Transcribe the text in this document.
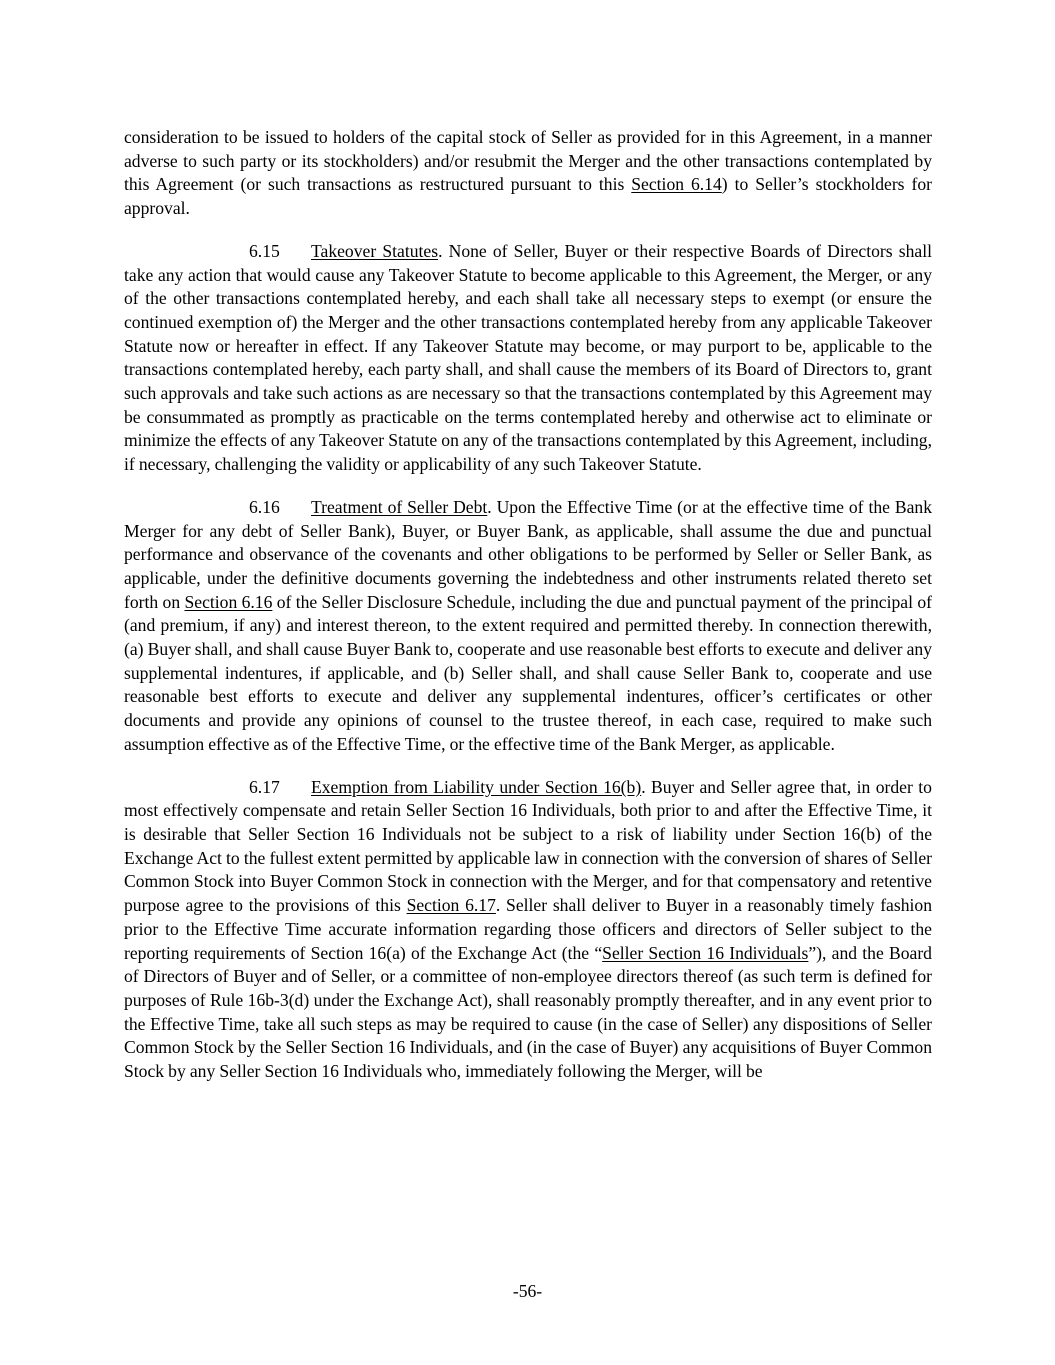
consideration to be issued to holders of the capital stock of Seller as provided for in this Agreement, in a manner adverse to such party or its stockholders) and/or resubmit the Merger and the other transactions contemplated by this Agreement (or such transactions as restructured pursuant to this Section 6.14) to Seller’s stockholders for approval.

6.15 Takeover Statutes. None of Seller, Buyer or their respective Boards of Directors shall take any action that would cause any Takeover Statute to become applicable to this Agreement, the Merger, or any of the other transactions contemplated hereby, and each shall take all necessary steps to exempt (or ensure the continued exemption of) the Merger and the other transactions contemplated hereby from any applicable Takeover Statute now or hereafter in effect. If any Takeover Statute may become, or may purport to be, applicable to the transactions contemplated hereby, each party shall, and shall cause the members of its Board of Directors to, grant such approvals and take such actions as are necessary so that the transactions contemplated by this Agreement may be consummated as promptly as practicable on the terms contemplated hereby and otherwise act to eliminate or minimize the effects of any Takeover Statute on any of the transactions contemplated by this Agreement, including, if necessary, challenging the validity or applicability of any such Takeover Statute.

6.16 Treatment of Seller Debt. Upon the Effective Time (or at the effective time of the Bank Merger for any debt of Seller Bank), Buyer, or Buyer Bank, as applicable, shall assume the due and punctual performance and observance of the covenants and other obligations to be performed by Seller or Seller Bank, as applicable, under the definitive documents governing the indebtedness and other instruments related thereto set forth on Section 6.16 of the Seller Disclosure Schedule, including the due and punctual payment of the principal of (and premium, if any) and interest thereon, to the extent required and permitted thereby. In connection therewith, (a) Buyer shall, and shall cause Buyer Bank to, cooperate and use reasonable best efforts to execute and deliver any supplemental indentures, if applicable, and (b) Seller shall, and shall cause Seller Bank to, cooperate and use reasonable best efforts to execute and deliver any supplemental indentures, officer’s certificates or other documents and provide any opinions of counsel to the trustee thereof, in each case, required to make such assumption effective as of the Effective Time, or the effective time of the Bank Merger, as applicable.

6.17 Exemption from Liability under Section 16(b). Buyer and Seller agree that, in order to most effectively compensate and retain Seller Section 16 Individuals, both prior to and after the Effective Time, it is desirable that Seller Section 16 Individuals not be subject to a risk of liability under Section 16(b) of the Exchange Act to the fullest extent permitted by applicable law in connection with the conversion of shares of Seller Common Stock into Buyer Common Stock in connection with the Merger, and for that compensatory and retentive purpose agree to the provisions of this Section 6.17. Seller shall deliver to Buyer in a reasonably timely fashion prior to the Effective Time accurate information regarding those officers and directors of Seller subject to the reporting requirements of Section 16(a) of the Exchange Act (the “Seller Section 16 Individuals”), and the Board of Directors of Buyer and of Seller, or a committee of non-employee directors thereof (as such term is defined for purposes of Rule 16b-3(d) under the Exchange Act), shall reasonably promptly thereafter, and in any event prior to the Effective Time, take all such steps as may be required to cause (in the case of Seller) any dispositions of Seller Common Stock by the Seller Section 16 Individuals, and (in the case of Buyer) any acquisitions of Buyer Common Stock by any Seller Section 16 Individuals who, immediately following the Merger, will be

-56-
